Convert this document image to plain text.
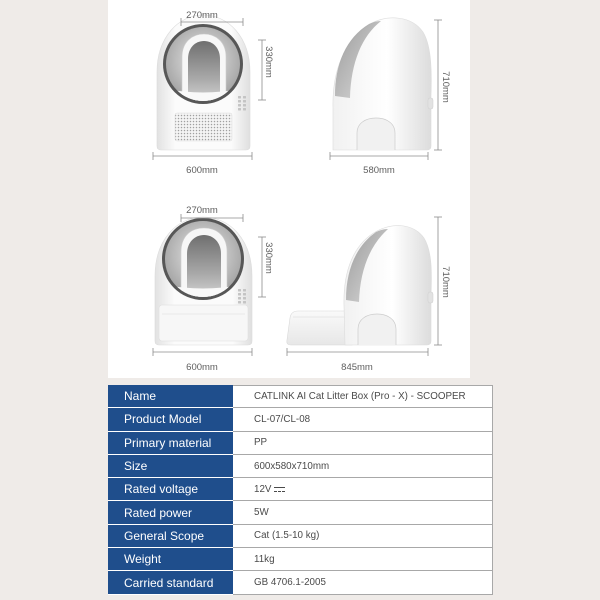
270mm
330mm
600mm
710mm
580mm
270mm
330mm
600mm
710mm
845mm
Name	CATLINK AI Cat Litter Box (Pro - X) - SCOOPER
Product Model	CL-07/CL-08
Primary material	PP
Size	600x580x710mm
Rated voltage	12V
Rated power	5W
General Scope	Cat (1.5-10 kg)
Weight	11kg
Carried standard	GB 4706.1-2005
